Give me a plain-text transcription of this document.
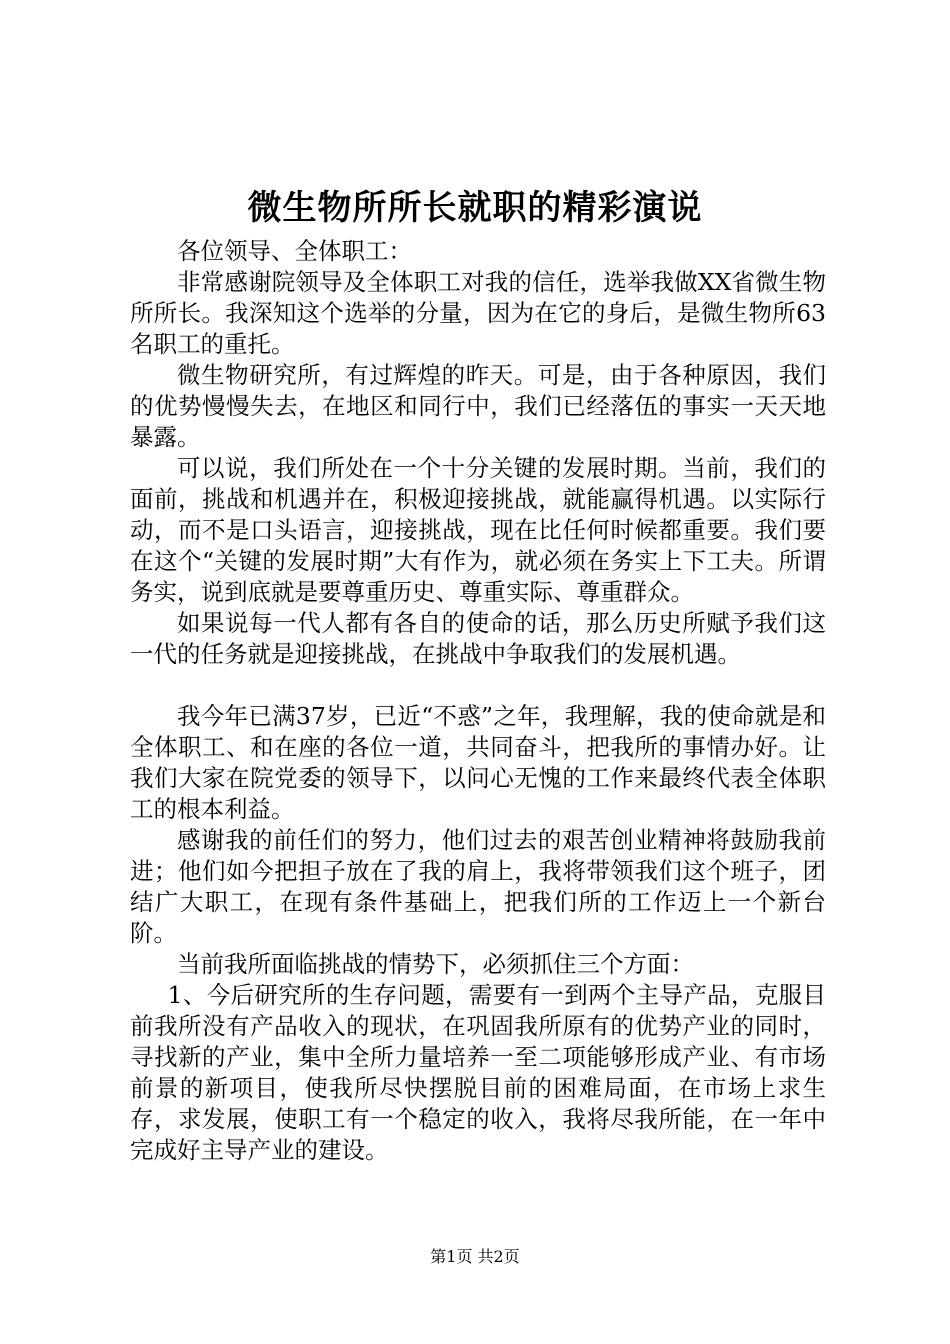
微生物所所长就职的精彩演说

各位领导、全体职工：

非常感谢院领导及全体职工对我的信任，选举我做XX省微生物所所长。我深知这个选举的分量，因为在它的身后，是微生物所63名职工的重托。

微生物研究所，有过辉煌的昨天。可是，由于各种原因，我们的优势慢慢失去，在地区和同行中，我们已经落伍的事实一天天地暴露。

可以说，我们所处在一个十分关键的发展时期。当前，我们的面前，挑战和机遇并在，积极迎接挑战，就能赢得机遇。以实际行动，而不是口头语言，迎接挑战，现在比任何时候都重要。我们要在这个“关键的发展时期”大有作为，就必须在务实上下工夫。所谓务实，说到底就是要尊重历史、尊重实际、尊重群众。

如果说每一代人都有各自的使命的话，那么历史所赋予我们这一代的任务就是迎接挑战，在挑战中争取我们的发展机遇。

我今年已满37岁，已近“不惑”之年，我理解，我的使命就是和全体职工、和在座的各位一道，共同奋斗，把我所的事情办好。让我们大家在院党委的领导下，以问心无愧的工作来最终代表全体职工的根本利益。

感谢我的前任们的努力，他们过去的艰苦创业精神将鼓励我前进；他们如今把担子放在了我的肩上，我将带领我们这个班子，团结广大职工，在现有条件基础上，把我们所的工作迈上一个新台阶。

当前我所面临挑战的情势下，必须抓住三个方面：

1、今后研究所的生存问题，需要有一到两个主导产品，克服目前我所没有产品收入的现状，在巩固我所原有的优势产业的同时，寻找新的产业，集中全所力量培养一至二项能够形成产业、有市场前景的新项目，使我所尽快摆脱目前的困难局面，在市场上求生存，求发展，使职工有一个稳定的收入，我将尽我所能，在一年中完成好主导产业的建设。

第1页 共2页
